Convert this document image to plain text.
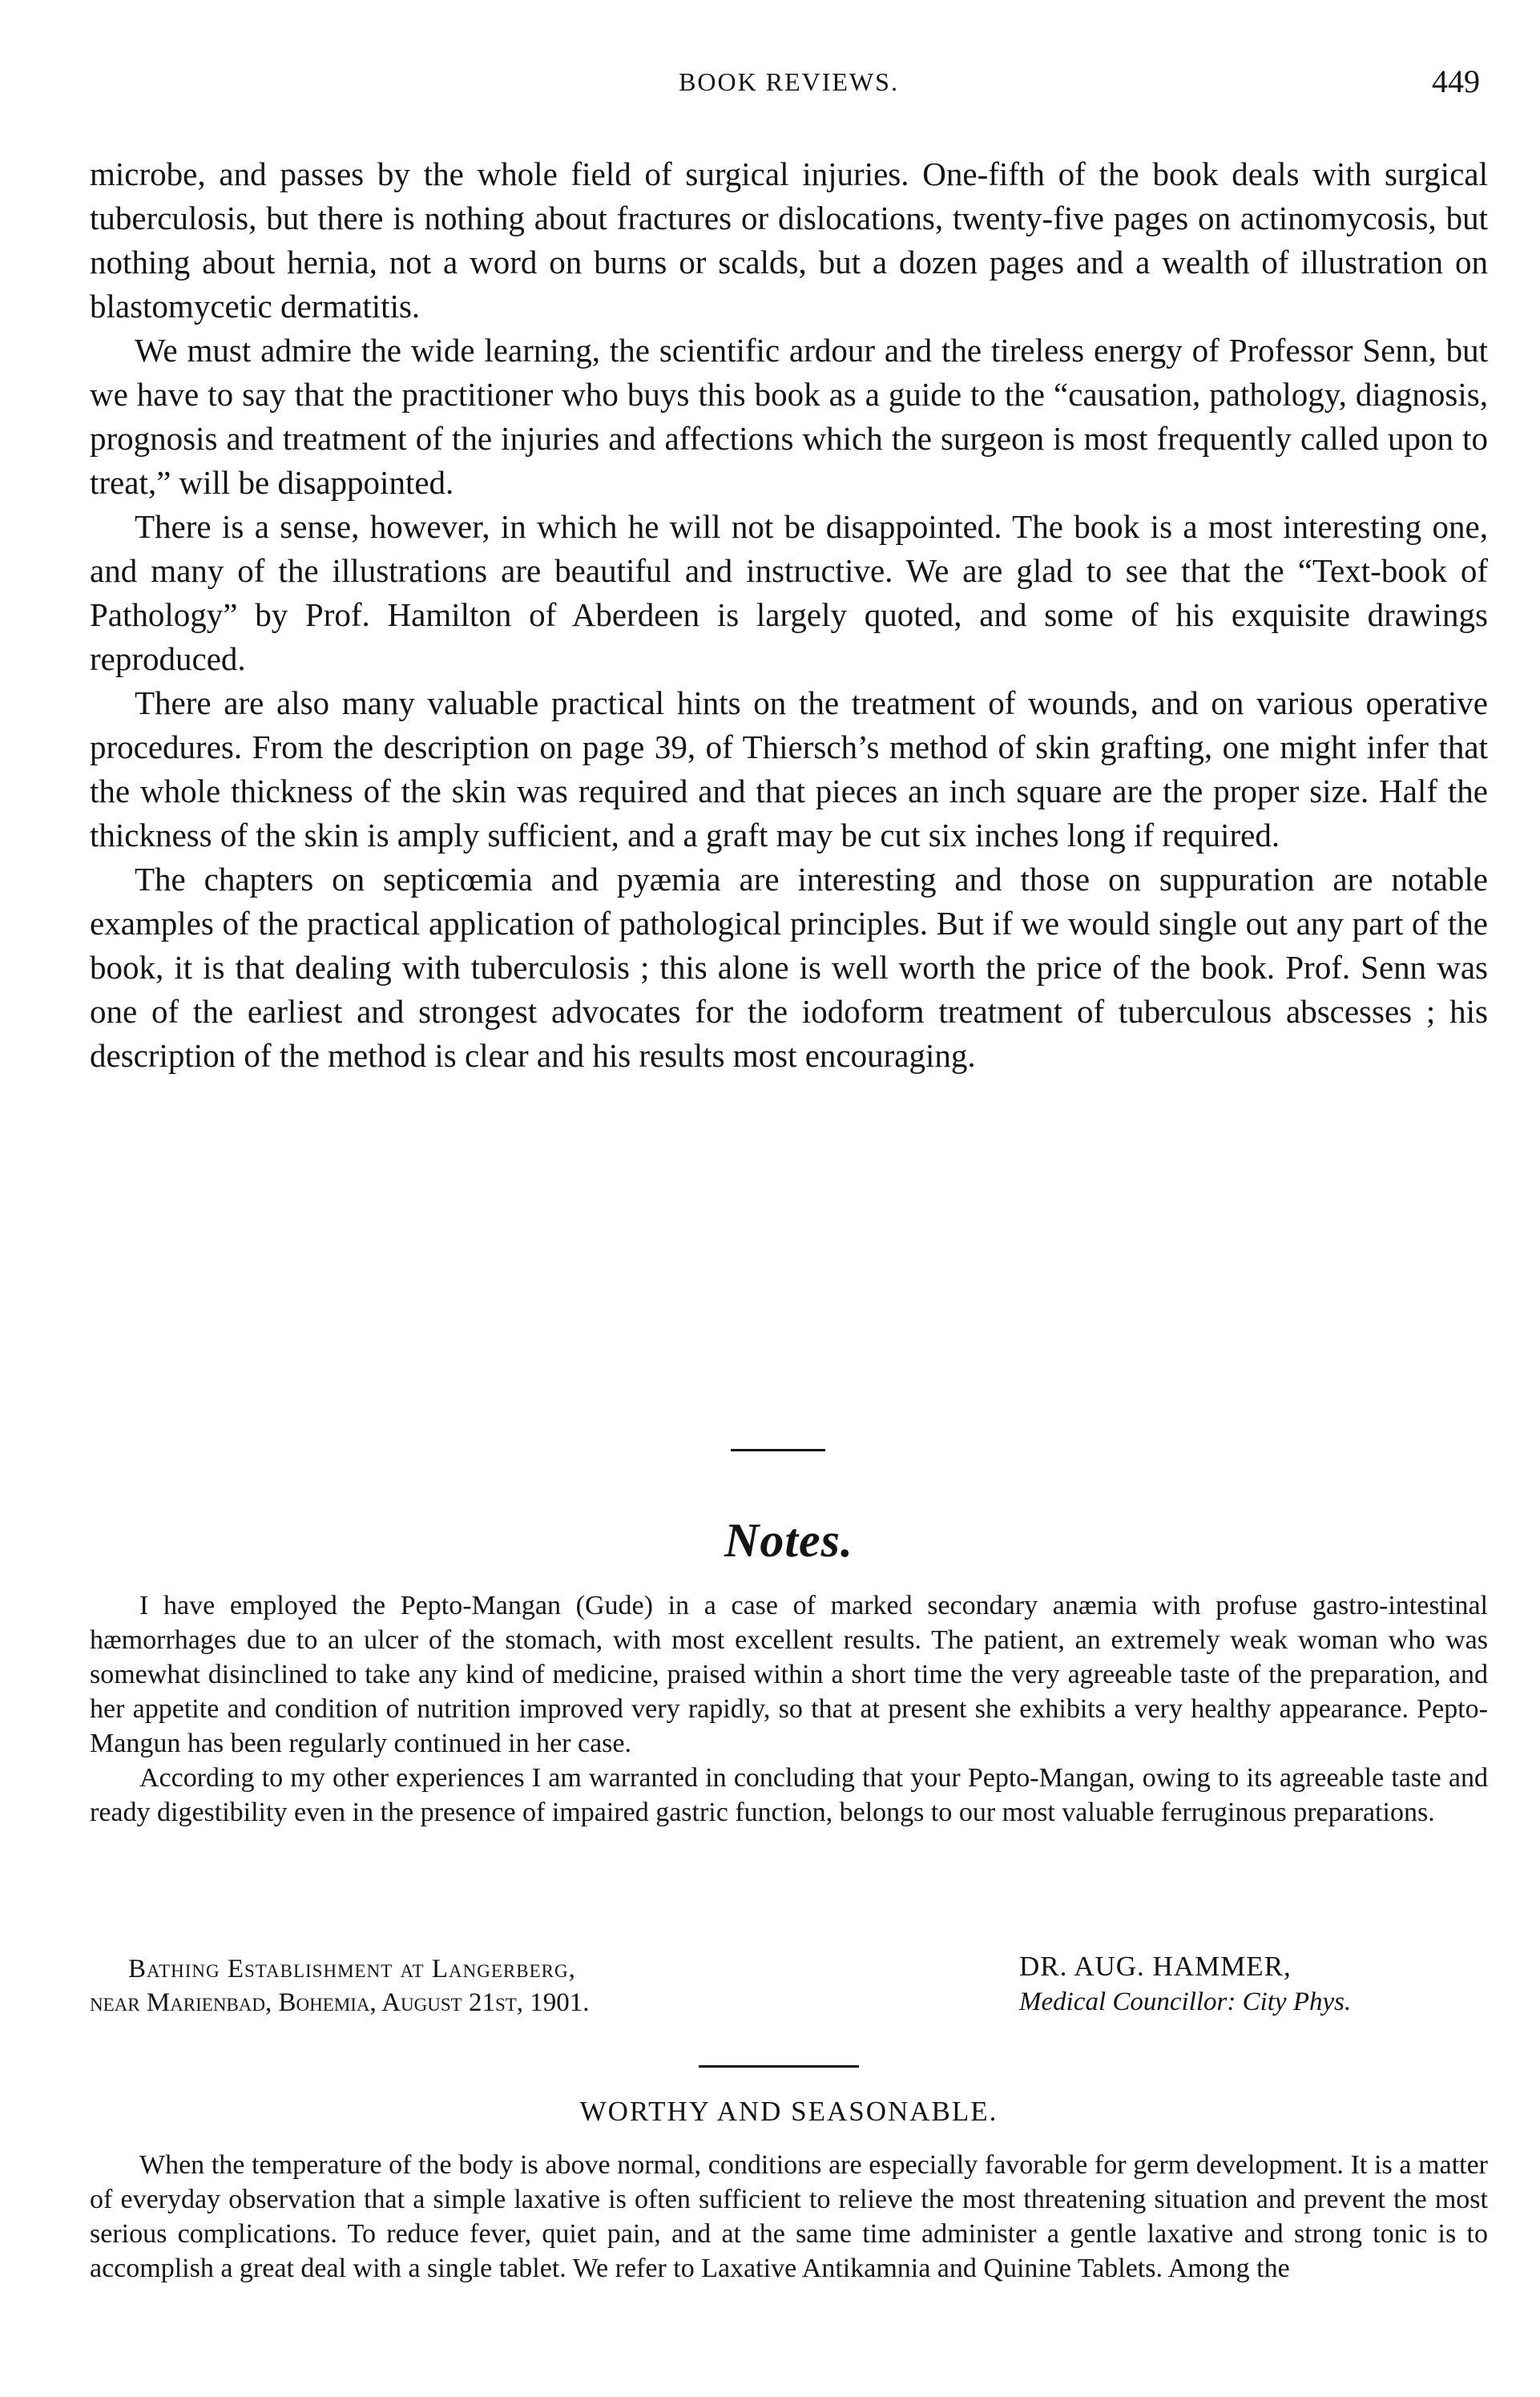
BOOK REVIEWS.	449

microbe, and passes by the whole field of surgical injuries. One-fifth of the book deals with surgical tuberculosis, but there is nothing about fractures or dislocations, twenty-five pages on actinomycosis, but nothing about hernia, not a word on burns or scalds, but a dozen pages and a wealth of illustration on blastomycetic dermatitis.

We must admire the wide learning, the scientific ardour and the tireless energy of Professor Senn, but we have to say that the practitioner who buys this book as a guide to the “causation, pathology, diagnosis, prognosis and treatment of the injuries and affections which the surgeon is most frequently called upon to treat,” will be disappointed.

There is a sense, however, in which he will not be disappointed. The book is a most interesting one, and many of the illustrations are beautiful and instructive. We are glad to see that the “Text-book of Pathology” by Prof. Hamilton of Aberdeen is largely quoted, and some of his exquisite drawings reproduced.

There are also many valuable practical hints on the treatment of wounds, and on various operative procedures. From the description on page 39, of Thiersch’s method of skin grafting, one might infer that the whole thickness of the skin was required and that pieces an inch square are the proper size. Half the thickness of the skin is amply sufficient, and a graft may be cut six inches long if required.

The chapters on septicœmia and pyæmia are interesting and those on suppuration are notable examples of the practical application of pathological principles. But if we would single out any part of the book, it is that dealing with tuberculosis ; this alone is well worth the price of the book. Prof. Senn was one of the earliest and strongest advocates for the iodoform treatment of tuberculous abscesses ; his description of the method is clear and his results most encouraging.

Notes.

I have employed the Pepto-Mangan (Gude) in a case of marked secondary anæmia with profuse gastro-intestinal hæmorrhages due to an ulcer of the stomach, with most excellent results. The patient, an extremely weak woman who was somewhat disinclined to take any kind of medicine, praised within a short time the very agreeable taste of the preparation, and her appetite and condition of nutrition improved very rapidly, so that at present she exhibits a very healthy appearance. Pepto-Mangun has been regularly continued in her case.

According to my other experiences I am warranted in concluding that your Pepto-Mangan, owing to its agreeable taste and ready digestibility even in the presence of impaired gastric function, belongs to our most valuable ferruginous preparations.

Bathing Establishment at Langerberg,
near Marienbad, Bohemia, August 21st, 1901.
DR. AUG. HAMMER,
Medical Councillor: City Phys.
WORTHY AND SEASONABLE.

When the temperature of the body is above normal, conditions are especially favorable for germ development. It is a matter of everyday observation that a simple laxative is often sufficient to relieve the most threatening situation and prevent the most serious complications. To reduce fever, quiet pain, and at the same time administer a gentle laxative and strong tonic is to accomplish a great deal with a single tablet. We refer to Laxative Antikamnia and Quinine Tablets. Among the
